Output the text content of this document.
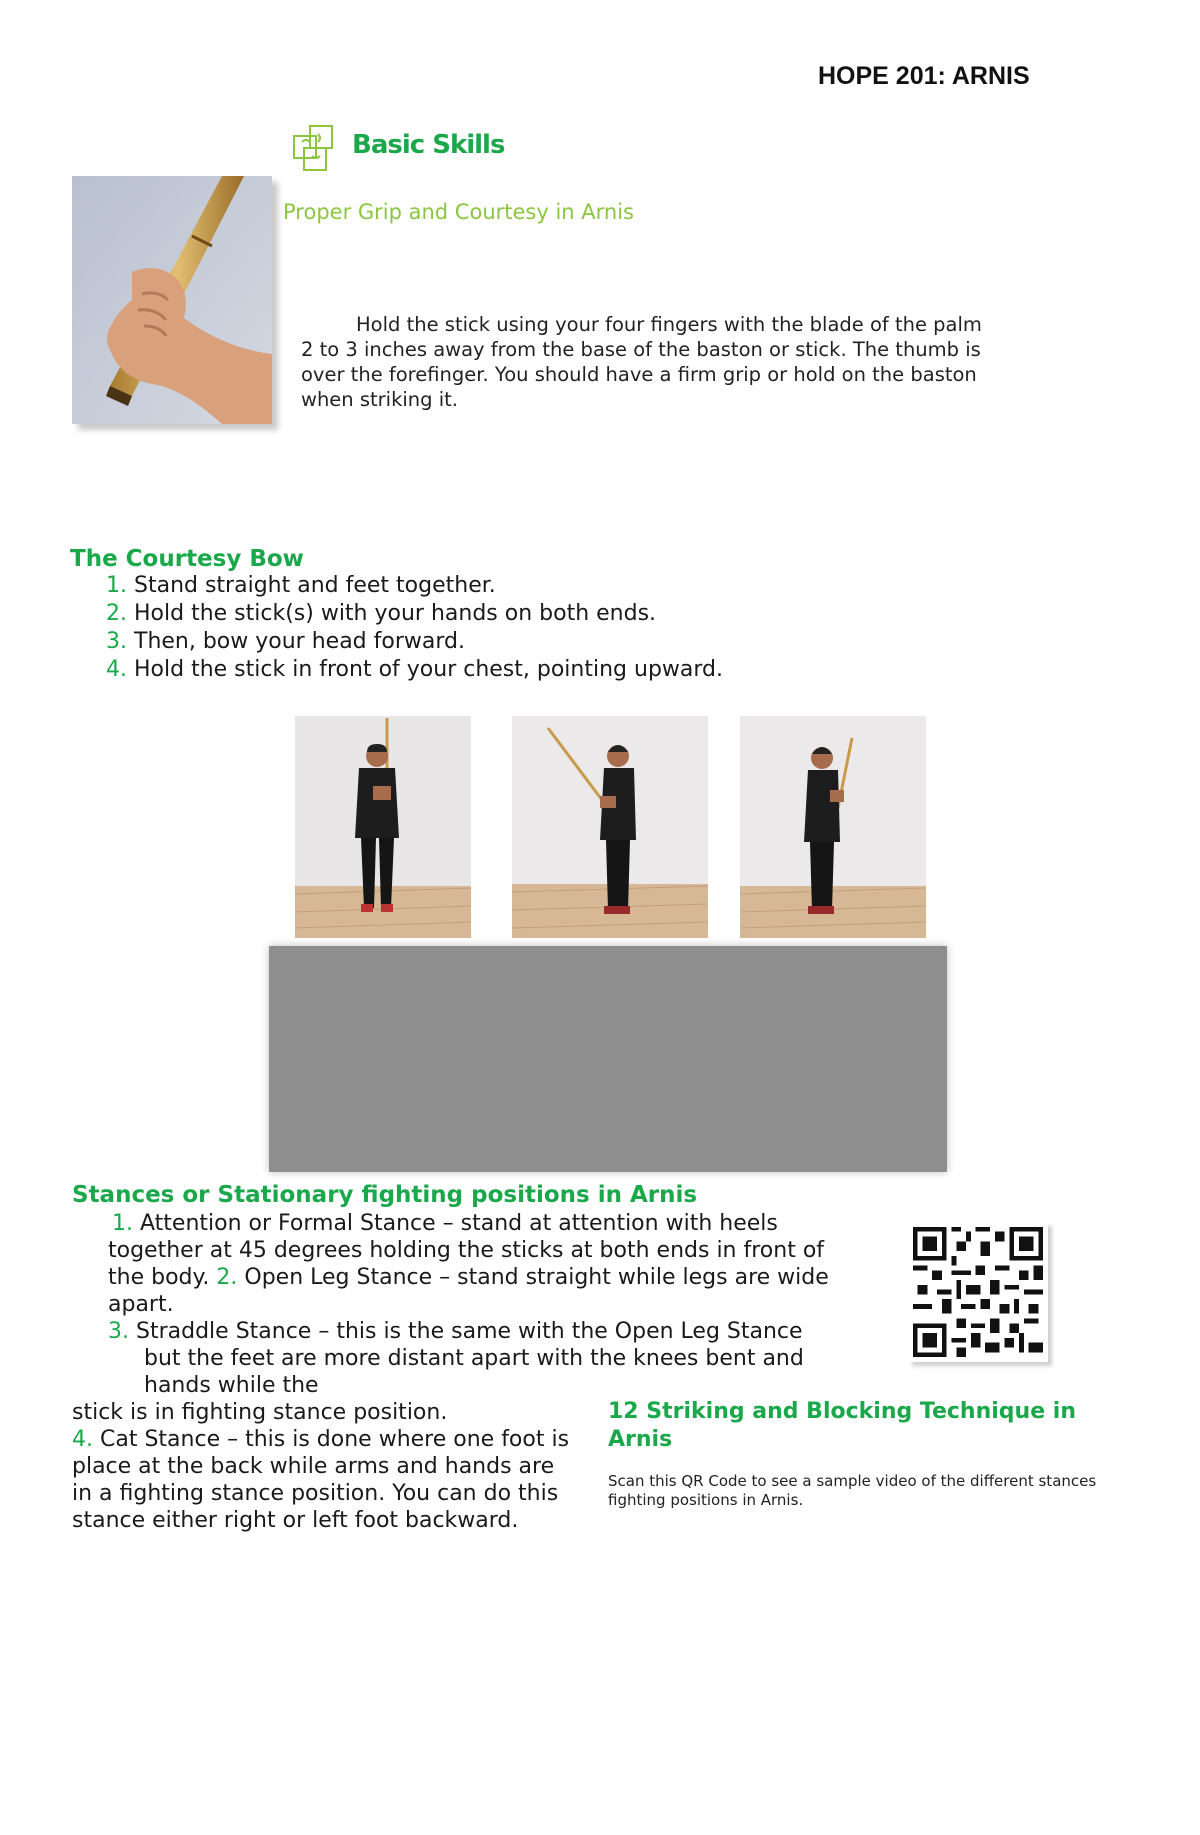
HOPE 201: ARNIS
Basic Skills
Proper Grip and Courtesy in Arnis
Hold the stick using your four fingers with the blade of the palm
2 to 3 inches away from the base of the baston or stick. The thumb is
over the forefinger. You should have a firm grip or hold on the baston
when striking it.
The Courtesy Bow
1. Stand straight and feet together.
2. Hold the stick(s) with your hands on both ends.
3. Then, bow your head forward.
4. Hold the stick in front of your chest, pointing upward.
Stances or Stationary fighting positions in Arnis
1. Attention or Formal Stance – stand at attention with heels
together at 45 degrees holding the sticks at both ends in front of
the body. 2. Open Leg Stance – stand straight while legs are wide
apart.
3. Straddle Stance – this is the same with the Open Leg Stance
but the feet are more distant apart with the knees bent and
hands while the
stick is in fighting stance position.
4. Cat Stance – this is done where one foot is
place at the back while arms and hands are
in a fighting stance position. You can do this
stance either right or left foot backward.
12 Striking and Blocking Technique in
Arnis
Scan this QR Code to see a sample video of the different stances
fighting positions in Arnis.
